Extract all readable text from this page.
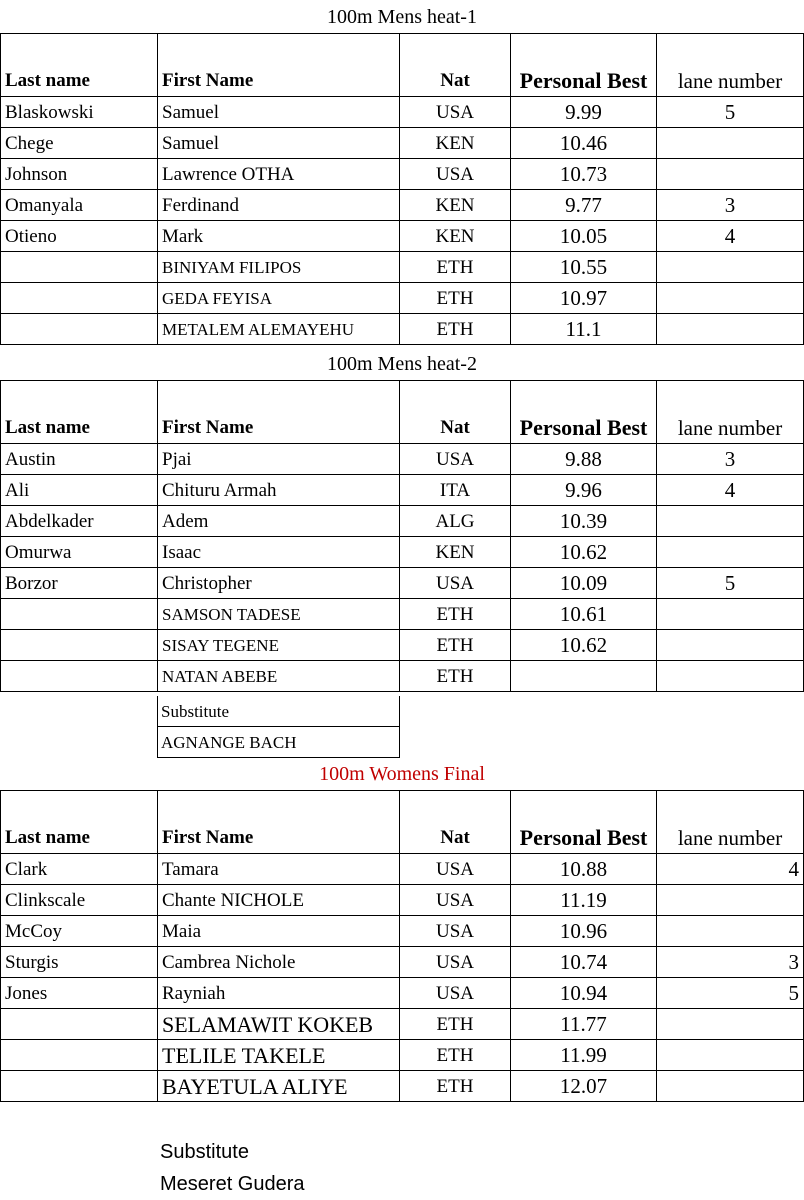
100m Mens heat-1
Last name	First Name	Nat	Personal Best	lane number
Blaskowski	Samuel	USA	9.99	5
Chege	Samuel	KEN	10.46	
Johnson	Lawrence OTHA	USA	10.73	
Omanyala	Ferdinand	KEN	9.77	3
Otieno	Mark	KEN	10.05	4
	BINIYAM FILIPOS	ETH	10.55	
	GEDA FEYISA	ETH	10.97	
	METALEM ALEMAYEHU	ETH	11.1	
100m Mens heat-2
Last name	First Name	Nat	Personal Best	lane number
Austin	Pjai	USA	9.88	3
Ali	Chituru Armah	ITA	9.96	4
Abdelkader	Adem	ALG	10.39	
Omurwa	Isaac	KEN	10.62	
Borzor	Christopher	USA	10.09	5
	SAMSON TADESE	ETH	10.61	
	SISAY TEGENE	ETH	10.62	
	NATAN ABEBE	ETH		
Substitute
AGNANGE BACH
100m Womens Final
Last name	First Name	Nat	Personal Best	lane number
Clark	Tamara	USA	10.88	4
Clinkscale	Chante NICHOLE	USA	11.19	
McCoy	Maia	USA	10.96	
Sturgis	Cambrea Nichole	USA	10.74	3
Jones	Rayniah	USA	10.94	5
	SELAMAWIT KOKEB	ETH	11.77	
	TELILE TAKELE	ETH	11.99	
	BAYETULA ALIYE	ETH	12.07	
Substitute
Meseret Gudera
